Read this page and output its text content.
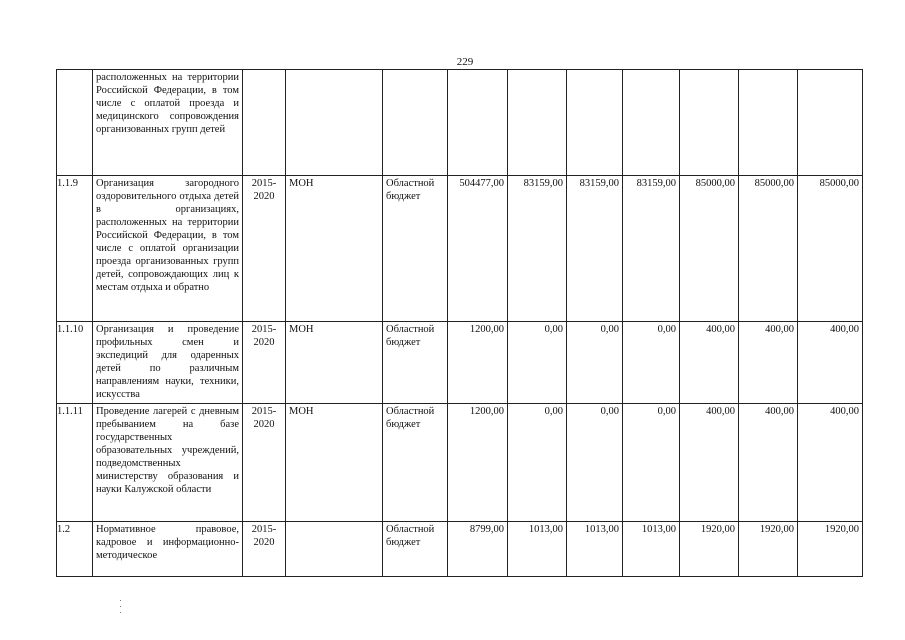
229
	расположенных на территории Российской Федерации, в том числе с оплатой проезда и медицинского сопровождения организованных групп детей										
1.1.9	Организация загородного оздоровительного отдыха детей в организациях, расположенных на территории Российской Федерации, в том числе с оплатой организации проезда организованных групп детей, сопровождающих лиц к местам отдыха и обратно	2015-2020	МОН	Областной бюджет	504477,00	83159,00	83159,00	83159,00	85000,00	85000,00	85000,00
1.1.10	Организация и проведение профильных смен и экспедиций для одаренных детей по различным направлениям науки, техники, искусства	2015-2020	МОН	Областной бюджет	1200,00	0,00	0,00	0,00	400,00	400,00	400,00
1.1.11	Проведение лагерей с дневным пребыванием на базе государственных образовательных учреждений, подведомственных министерству образования и науки Калужской области	2015-2020	МОН	Областной бюджет	1200,00	0,00	0,00	0,00	400,00	400,00	400,00
1.2	Нормативное правовое, кадровое и информационно-методическое	2015-2020		Областной бюджет	8799,00	1013,00	1013,00	1013,00	1920,00	1920,00	1920,00
